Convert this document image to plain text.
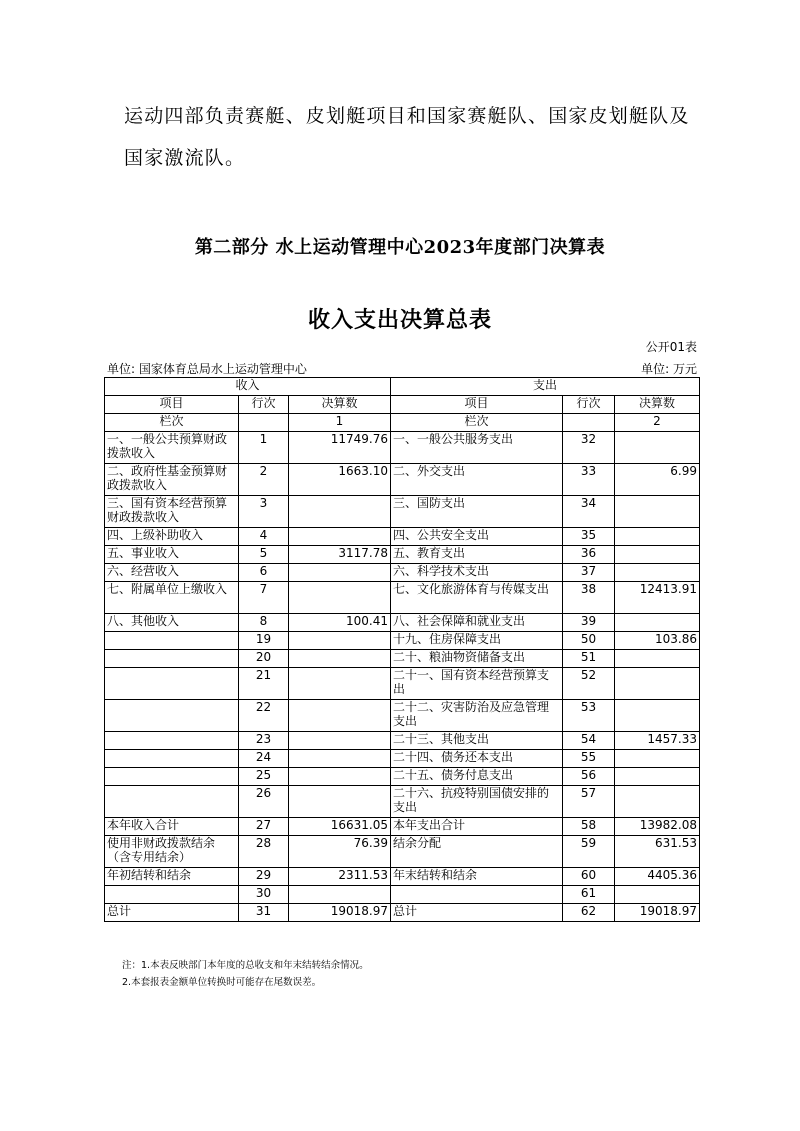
运动四部负责赛艇、皮划艇项目和国家赛艇队、国家皮划艇队及
国家激流队。
第二部分 水上运动管理中心2023年度部门决算表
收入支出决算总表
公开01表
单位: 国家体育总局水上运动管理中心	单位: 万元
收入			支出		
项目	行次	决算数	项目	行次	决算数
栏次		1	栏次		2
一、一般公共预算财政拨款收入	1	11749.76	一、一般公共服务支出	32	
二、政府性基金预算财政拨款收入	2	1663.10	二、外交支出	33	6.99
三、国有资本经营预算财政拨款收入	3		三、国防支出	34	
四、上级补助收入	4		四、公共安全支出	35	
五、事业收入	5	3117.78	五、教育支出	36	
六、经营收入	6		六、科学技术支出	37	
七、附属单位上缴收入	7		七、文化旅游体育与传媒支出	38	12413.91
八、其他收入	8	100.41	八、社会保障和就业支出	39	
	19		十九、住房保障支出	50	103.86
	20		二十、粮油物资储备支出	51	
	21		二十一、国有资本经营预算支出	52	
	22		二十二、灾害防治及应急管理支出	53	
	23		二十三、其他支出	54	1457.33
	24		二十四、债务还本支出	55	
	25		二十五、债务付息支出	56	
	26		二十六、抗疫特别国债安排的支出	57	
本年收入合计	27	16631.05	本年支出合计	58	13982.08
使用非财政拨款结余（含专用结余）	28	76.39	结余分配	59	631.53
年初结转和结余	29	2311.53	年末结转和结余	60	4405.36
	30			61	
总计	31	19018.97	总计	62	19018.97
注：1.本表反映部门本年度的总收支和年末结转结余情况。
2.本套报表金额单位转换时可能存在尾数误差。
